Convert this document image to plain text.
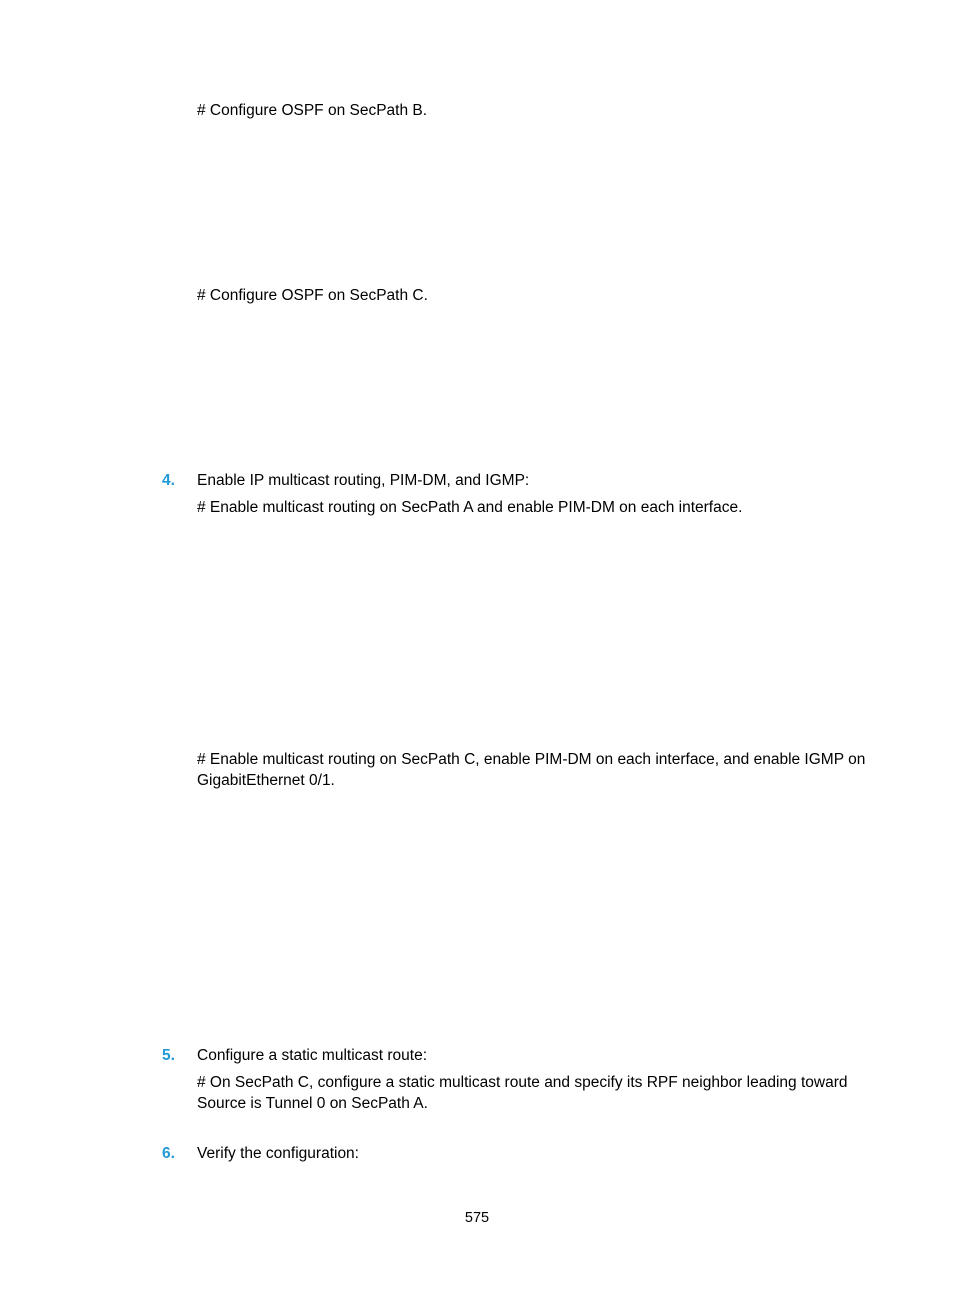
# Configure OSPF on SecPath B.
# Configure OSPF on SecPath C.
4. Enable IP multicast routing, PIM-DM, and IGMP:
# Enable multicast routing on SecPath A and enable PIM-DM on each interface.
# Enable multicast routing on SecPath C, enable PIM-DM on each interface, and enable IGMP on GigabitEthernet 0/1.
5. Configure a static multicast route:
# On SecPath C, configure a static multicast route and specify its RPF neighbor leading toward Source is Tunnel 0 on SecPath A.
6. Verify the configuration:
575
